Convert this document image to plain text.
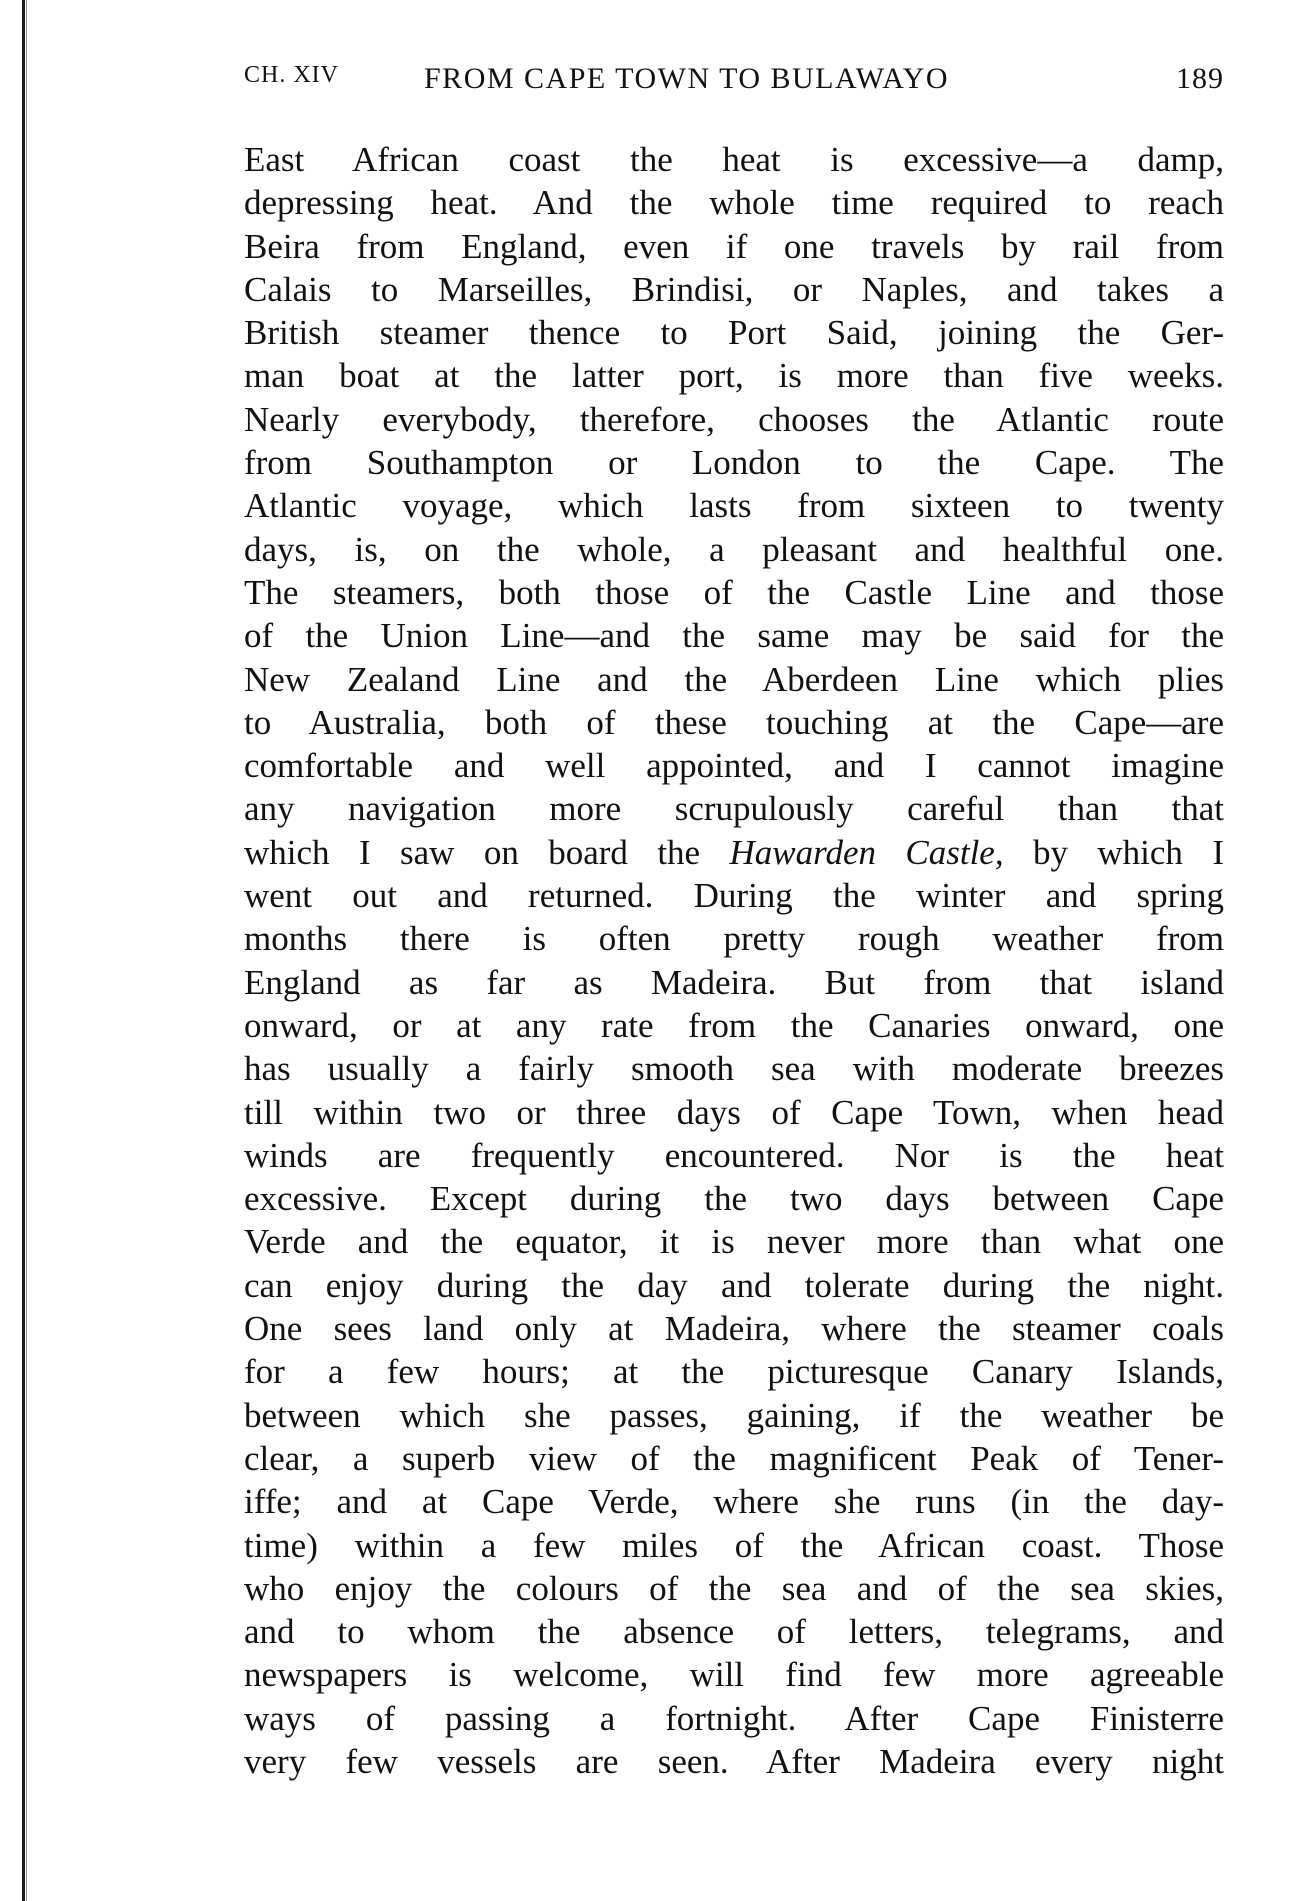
CH. XIV	FROM CAPE TOWN TO BULAWAYO	189
East African coast the heat is excessive—a damp,
depressing heat. And the whole time required to reach
Beira from England, even if one travels by rail from
Calais to Marseilles, Brindisi, or Naples, and takes a
British steamer thence to Port Said, joining the Ger-
man boat at the latter port, is more than five weeks.
Nearly everybody, therefore, chooses the Atlantic route
from Southampton or London to the Cape. The
Atlantic voyage, which lasts from sixteen to twenty
days, is, on the whole, a pleasant and healthful one.
The steamers, both those of the Castle Line and those
of the Union Line—and the same may be said for the
New Zealand Line and the Aberdeen Line which plies
to Australia, both of these touching at the Cape—are
comfortable and well appointed, and I cannot imagine
any navigation more scrupulously careful than that
which I saw on board the Hawarden Castle, by which I
went out and returned. During the winter and spring
months there is often pretty rough weather from
England as far as Madeira. But from that island
onward, or at any rate from the Canaries onward, one
has usually a fairly smooth sea with moderate breezes
till within two or three days of Cape Town, when head
winds are frequently encountered. Nor is the heat
excessive. Except during the two days between Cape
Verde and the equator, it is never more than what one
can enjoy during the day and tolerate during the night.
One sees land only at Madeira, where the steamer coals
for a few hours; at the picturesque Canary Islands,
between which she passes, gaining, if the weather be
clear, a superb view of the magnificent Peak of Tener-
iffe; and at Cape Verde, where she runs (in the day-
time) within a few miles of the African coast. Those
who enjoy the colours of the sea and of the sea skies,
and to whom the absence of letters, telegrams, and
newspapers is welcome, will find few more agreeable
ways of passing a fortnight. After Cape Finisterre
very few vessels are seen. After Madeira every night
